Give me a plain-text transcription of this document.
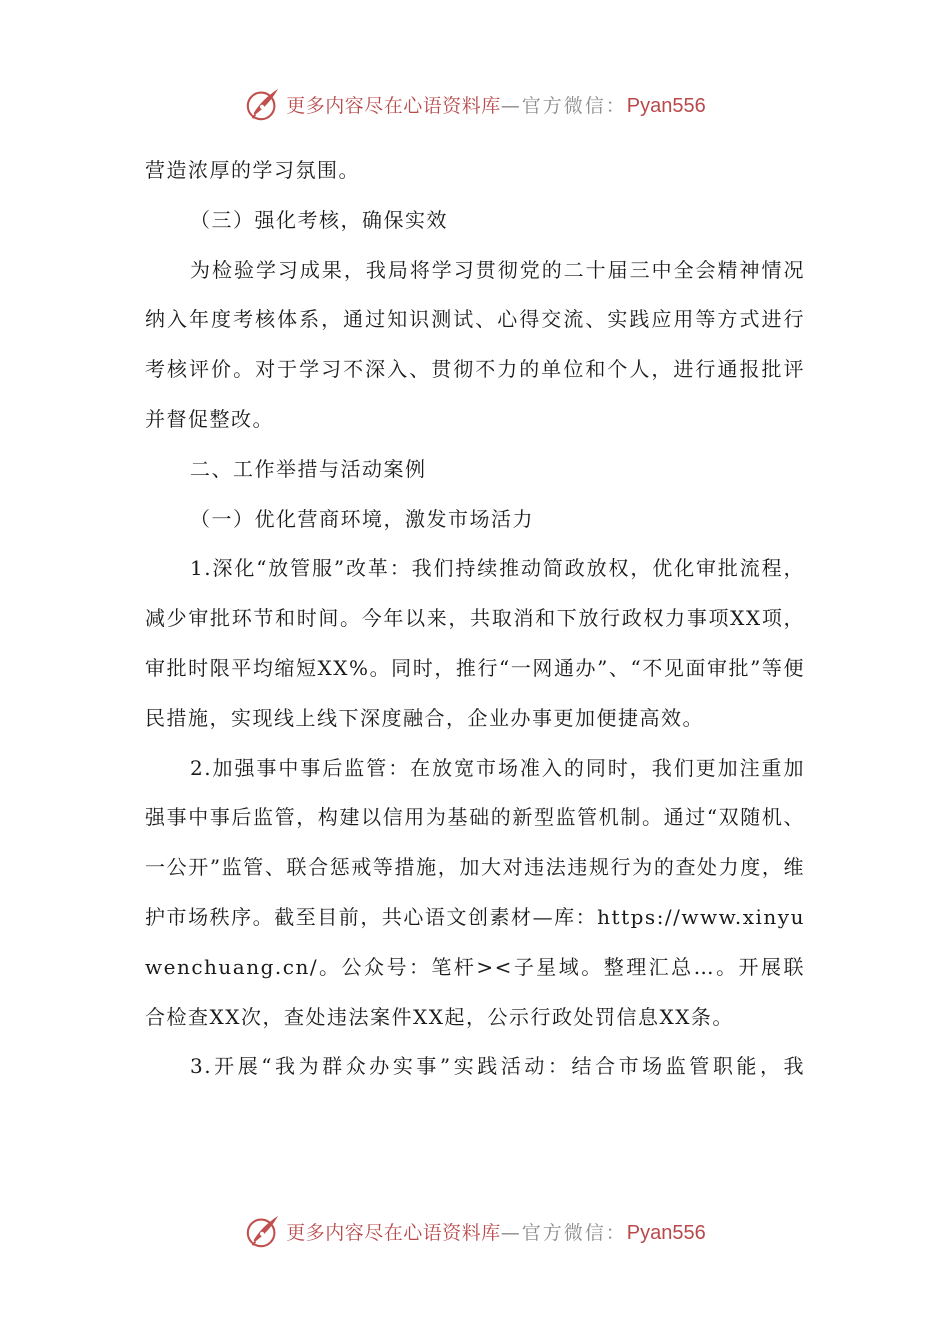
更多内容尽在心语资料库 —官方微信： Pyan556

营造浓厚的学习氛围。

（三）强化考核，确保实效

为检验学习成果，我局将学习贯彻党的二十届三中全会精神情况纳入年度考核体系，通过知识测试、心得交流、实践应用等方式进行考核评价。对于学习不深入、贯彻不力的单位和个人，进行通报批评并督促整改。

二、工作举措与活动案例

（一）优化营商环境，激发市场活力

1.深化“放管服”改革：我们持续推动简政放权，优化审批流程，减少审批环节和时间。今年以来，共取消和下放行政权力事项XX项，审批时限平均缩短XX%。同时，推行“一网通办”、“不见面审批”等便民措施，实现线上线下深度融合，企业办事更加便捷高效。

2.加强事中事后监管：在放宽市场准入的同时，我们更加注重加强事中事后监管，构建以信用为基础的新型监管机制。通过“双随机、一公开”监管、联合惩戒等措施，加大对违法违规行为的查处力度，维护市场秩序。截至目前，共心语文创素材—库：https://www.xinyuwenchuang.cn/。公众号：笔杆><子星域。整理汇总…。开展联合检查XX次，查处违法案件XX起，公示行政处罚信息XX条。

3.开展“我为群众办实事”实践活动：结合市场监管职能，我

更多内容尽在心语资料库 —官方微信： Pyan556
